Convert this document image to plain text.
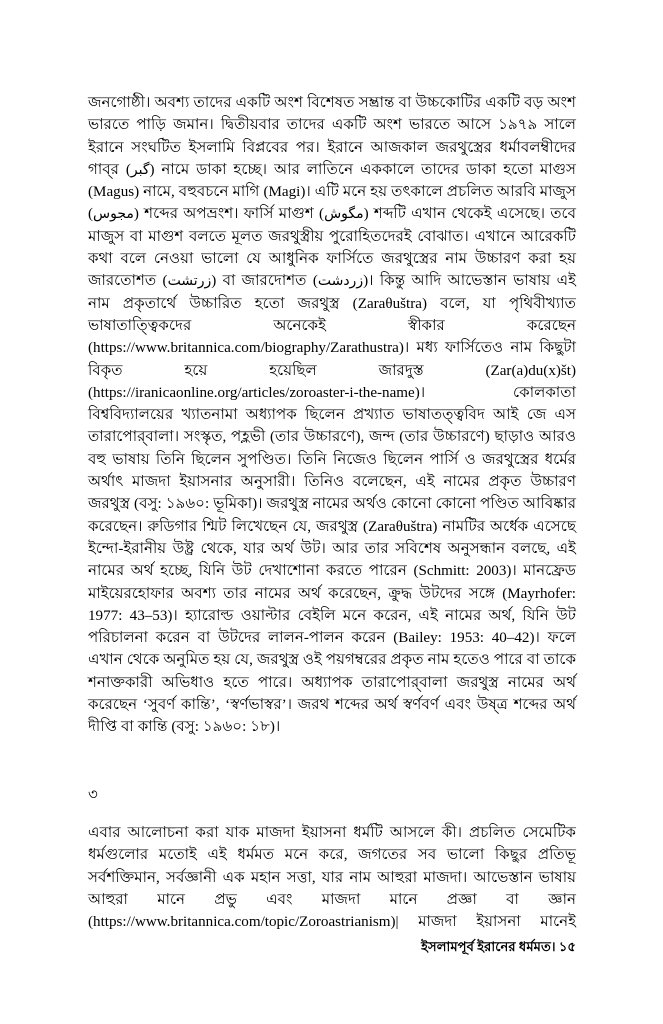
জনগোষ্ঠী। অবশ্য তাদের একটি অংশ বিশেষত সম্ভ্রান্ত বা উচ্চকোটির একটি বড় অংশ ভারতে পাড়ি জমান। দ্বিতীয়বার তাদের একটি অংশ ভারতে আসে ১৯৭৯ সালে ইরানে সংঘটিত ইসলামি বিপ্লবের পর। ইরানে আজকাল জরথুস্ত্রের ধর্মাবলম্বীদের গাব্‌র (گبر) নামে ডাকা হচ্ছে। আর লাতিনে এককালে তাদের ডাকা হতো মাগুস (Magus) নামে, বহুবচনে মাগি (Magi)। এটি মনে হয় তৎকালে প্রচলিত আরবি মাজুস (مجوس) শব্দের অপভ্রংশ। ফার্সি মাগুশ (مگوش) শব্দটি এখান থেকেই এসেছে। তবে মাজুস বা মাগুশ বলতে মূলত জরথুস্ত্রীয় পুরোহিতদেরই বোঝাত। এখানে আরেকটি কথা বলে নেওয়া ভালো যে আধুনিক ফার্সিতে জরথুস্ত্রের নাম উচ্চারণ করা হয় জারতোশত (زرتشت) বা জারদোশত (زردشت)। কিন্তু আদি আভেস্তান ভাষায় এই নাম প্রকৃতার্থে উচ্চারিত হতো জরথুস্ত্র (Zaraθuštra) বলে, যা পৃথিবীখ্যাত ভাষাতাত্ত্বিকদের অনেকেই স্বীকার করেছেন (https://www.britannica.com/biography/Zarathustra)। মধ্য ফার্সিতেও নাম কিছুটা বিকৃত হয়ে হয়েছিল জারদুস্ত (Zar(a)du(x)št) (https://iranicaonline.org/articles/zoroaster-i-the-name)। কোলকাতা বিশ্ববিদ্যালয়ের খ্যাতনামা অধ্যাপক ছিলেন প্রখ্যাত ভাষাতত্ত্ববিদ আই জে এস তারাপোর্‌বালা। সংস্কৃত, পহ্লভী (তার উচ্চারণে), জন্দ (তার উচ্চারণে) ছাড়াও আরও বহু ভাষায় তিনি ছিলেন সুপণ্ডিত। তিনি নিজেও ছিলেন পার্সি ও জরথুস্ত্রের ধর্মের অর্থাৎ মাজদা ইয়াসনার অনুসারী। তিনিও বলেছেন, এই নামের প্রকৃত উচ্চারণ জরথুস্ত্র (বসু: ১৯৬০: ভূমিকা)। জরথুস্ত্র নামের অর্থও কোনো কোনো পণ্ডিত আবিষ্কার করেছেন। রুডিগার শ্মিট লিখেছেন যে, জরথুস্ত্র (Zaraθuštra) নামটির অর্ধেক এসেছে ইন্দো-ইরানীয় উষ্ট্র থেকে, যার অর্থ উট। আর তার সবিশেষ অনুসন্ধান বলছে, এই নামের অর্থ হচ্ছে, যিনি উট দেখাশোনা করতে পারেন (Schmitt: 2003)। মানফ্রেড মাইয়েরহোফার অবশ্য তার নামের অর্থ করেছেন, ক্রুদ্ধ উটদের সঙ্গে (Mayrhofer: 1977: 43–53)। হ্যারোল্ড ওয়াল্টার বেইলি মনে করেন, এই নামের অর্থ, যিনি উট পরিচালনা করেন বা উটদের লালন-পালন করেন (Bailey: 1953: 40–42)। ফলে এখান থেকে অনুমিত হয় যে, জরথুস্ত্র ওই পয়গম্বরের প্রকৃত নাম হতেও পারে বা তাকে শনাক্তকারী অভিধাও হতে পারে। অধ্যাপক তারাপোর্‌বালা জরথুস্ত্র নামের অর্থ করেছেন ‘সুবর্ণ কান্তি’, ‘স্বর্ণভাস্বর’। জরথ শব্দের অর্থ স্বর্ণবর্ণ এবং উষ্ত্র শব্দের অর্থ দীপ্তি বা কান্তি (বসু: ১৯৬০: ১৮)।

৩

এবার আলোচনা করা যাক মাজদা ইয়াসনা ধর্মটি আসলে কী। প্রচলিত সেমেটিক ধর্মগুলোর মতোই এই ধর্মমত মনে করে, জগতের সব ভালো কিছুর প্রতিভূ সর্বশক্তিমান, সর্বজ্ঞানী এক মহান সত্তা, যার নাম আহুরা মাজদা। আভেস্তান ভাষায় আহুরা মানে প্রভু এবং মাজদা মানে প্রজ্ঞা বা জ্ঞান (https://www.britannica.com/topic/Zoroastrianism)| মাজদা ইয়াসনা মানেই

ইসলামপূর্ব ইরানের ধর্মমত। ১৫
